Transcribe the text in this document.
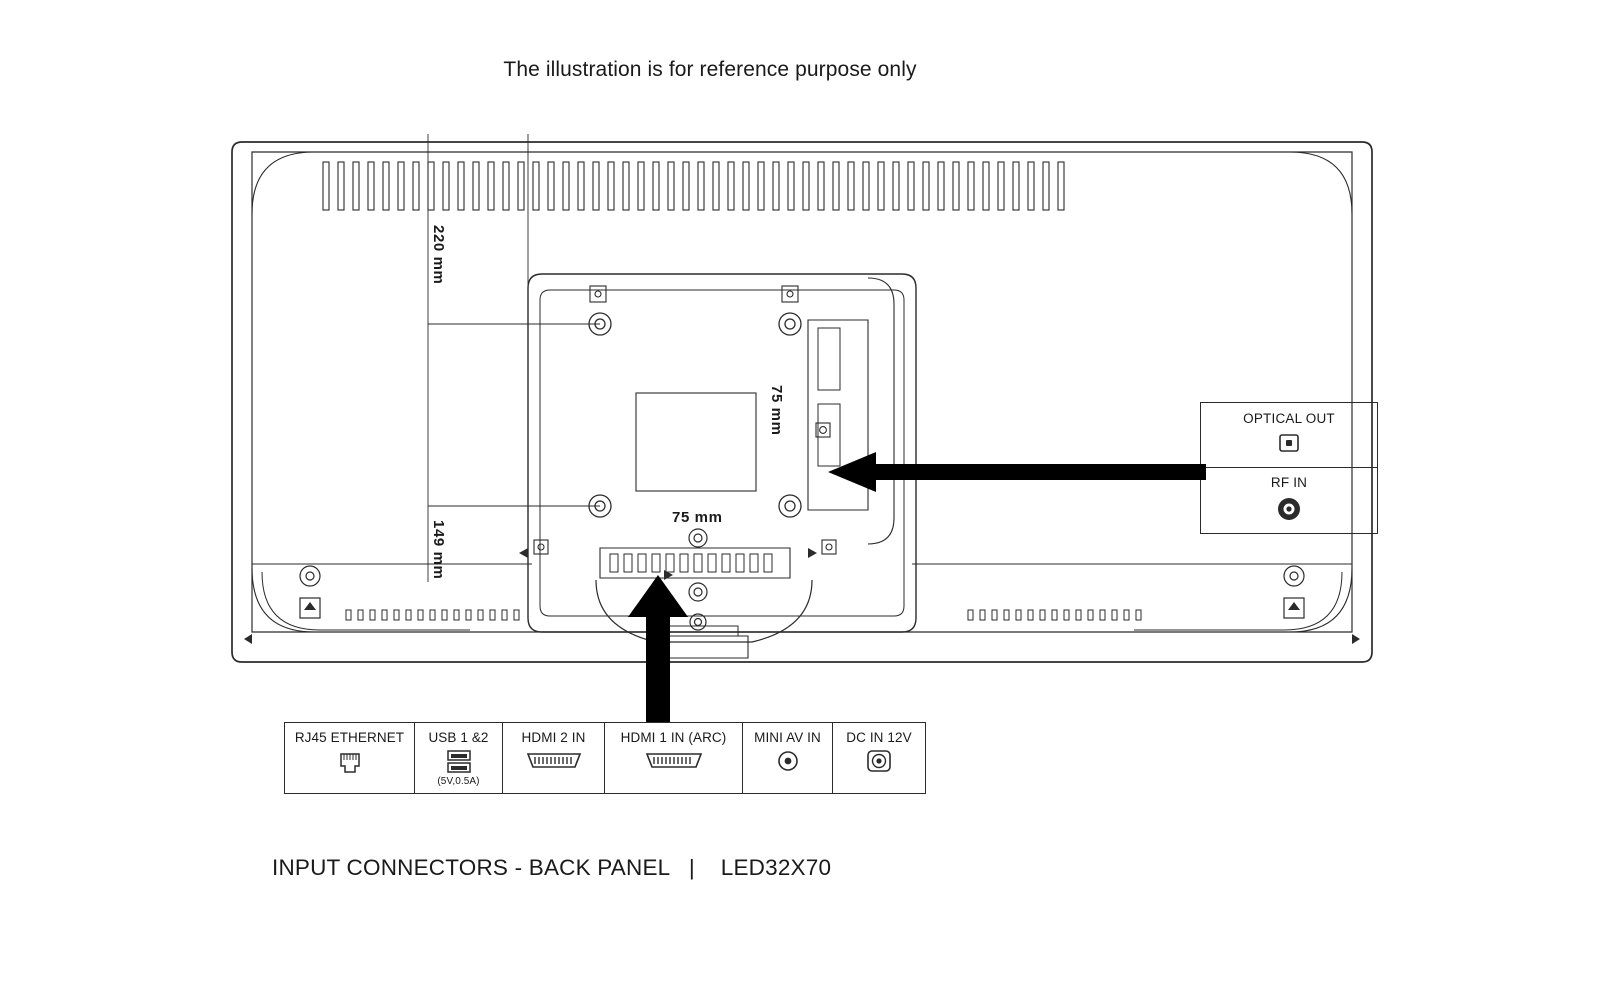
The illustration is for reference purpose only
220 mm
149 mm
75 mm
75 mm
OPTICAL OUT
RF IN
RJ45 ETHERNET USB 1 &2
(5V,0.5A)
HDMI 2 IN	HDMI 1 IN (ARC) MINI AV IN DC IN 12V
INPUT CONNECTORS - BACK PANEL   |    LED32X70
